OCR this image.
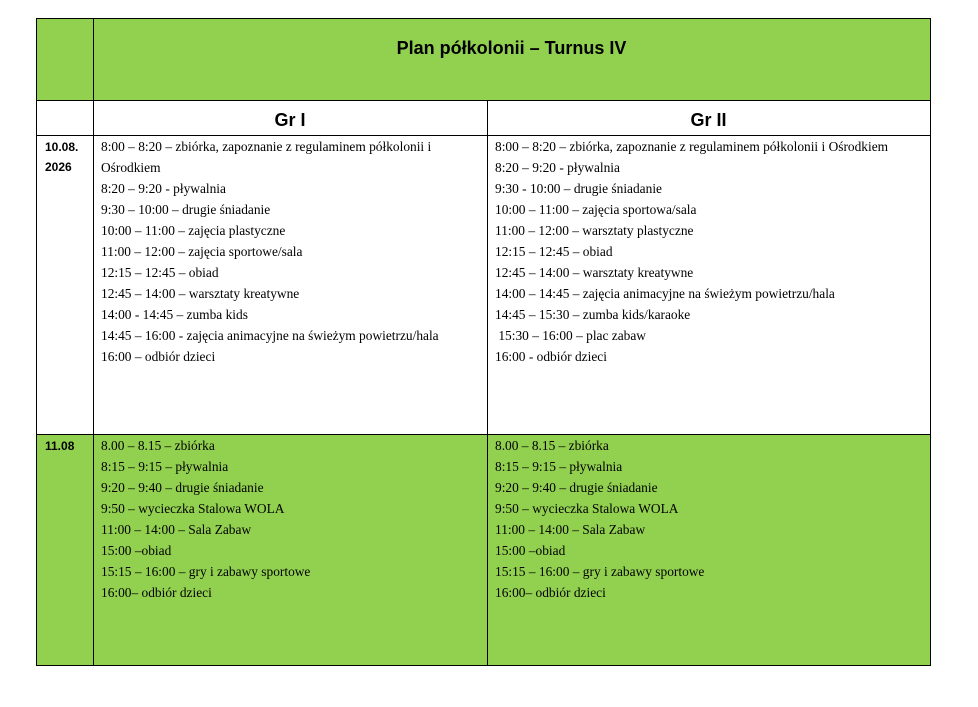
Plan półkolonii – Turnus IV
Gr I	Gr II
10.08. 2026
8:00 – 8:20 – zbiórka, zapoznanie z regulaminem półkolonii i Ośrodkiem
8:20 – 9:20 - pływalnia
9:30 – 10:00 – drugie śniadanie
10:00 – 11:00 – zajęcia plastyczne
11:00 – 12:00 – zajęcia sportowe/sala
12:15 – 12:45 – obiad
12:45 – 14:00 – warsztaty kreatywne
14:00 - 14:45 – zumba kids
14:45 – 16:00 - zajęcia animacyjne na świeżym powietrzu/hala
16:00 – odbiór dzieci
8:00 – 8:20 – zbiórka, zapoznanie z regulaminem półkolonii i Ośrodkiem
8:20 – 9:20 - pływalnia
9:30 - 10:00 – drugie śniadanie
10:00 – 11:00 – zajęcia sportowa/sala
11:00 – 12:00 – warsztaty plastyczne
12:15 – 12:45 – obiad
12:45 – 14:00 – warsztaty kreatywne
14:00 – 14:45 – zajęcia animacyjne na świeżym powietrzu/hala
14:45 – 15:30 – zumba kids/karaoke
15:30 – 16:00 – plac zabaw
16:00 - odbiór dzieci
11.08	8.00 – 8.15 – zbiórka
8:15 – 9:15 – pływalnia
9:20 – 9:40 – drugie śniadanie
9:50 – wycieczka Stalowa WOLA
11:00 – 14:00 – Sala Zabaw
15:00 –obiad
15:15 – 16:00 – gry i zabawy sportowe
16:00– odbiór dzieci
8.00 – 8.15 – zbiórka
8:15 – 9:15 – pływalnia
9:20 – 9:40 – drugie śniadanie
9:50 – wycieczka Stalowa WOLA
11:00 – 14:00 – Sala Zabaw
15:00 –obiad
15:15 – 16:00 – gry i zabawy sportowe
16:00– odbiór dzieci
